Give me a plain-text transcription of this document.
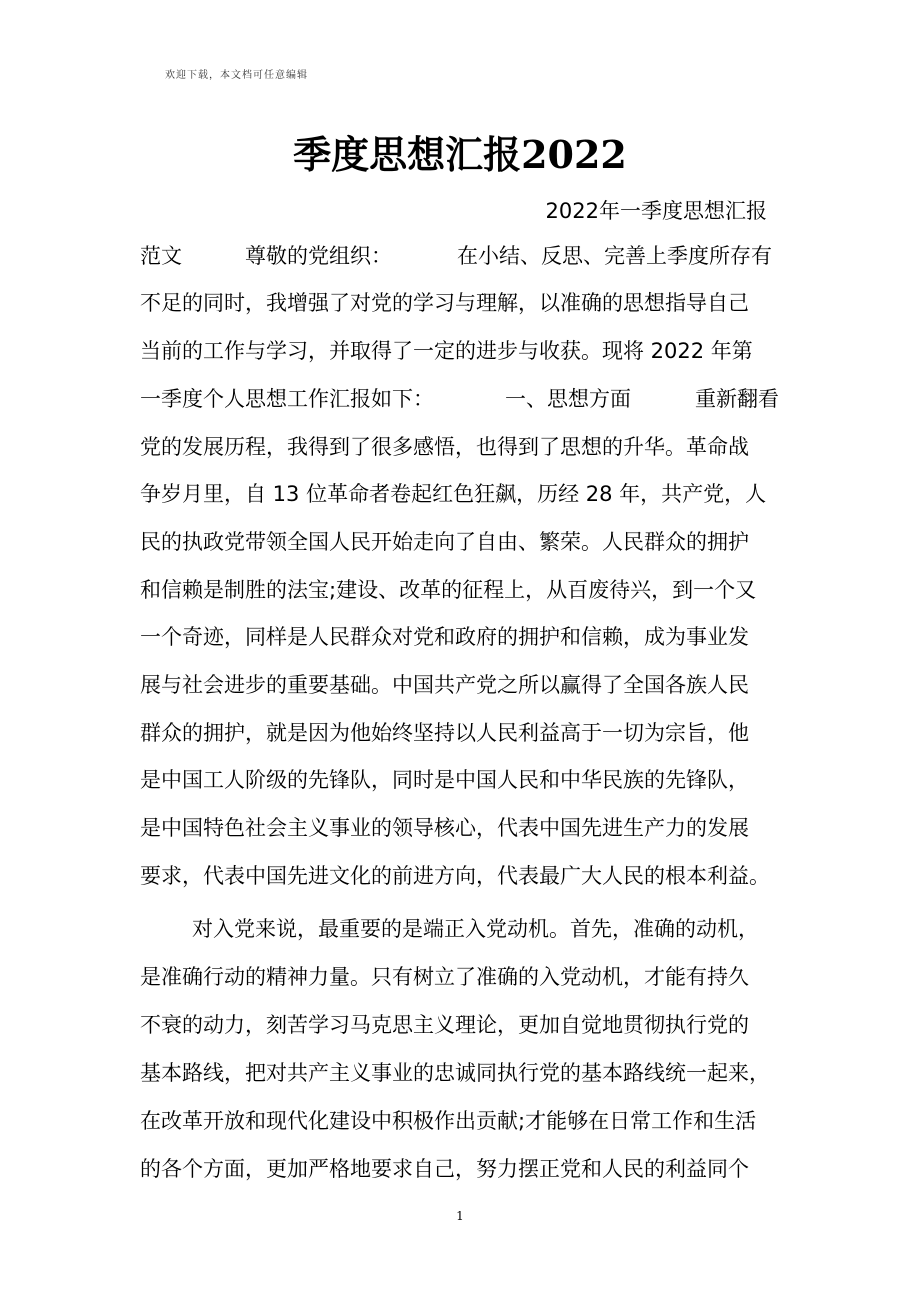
欢迎下载，本文档可任意编辑
季度思想汇报2022
2022年一季度思想汇报
范文	尊敬的党组织：	在小结、反思、完善上季度所存有
不足的同时，我增强了对党的学习与理解，以准确的思想指导自己
当前的工作与学习，并取得了一定的进步与收获。现将 2022 年第
一季度个人思想工作汇报如下：	一、思想方面	重新翻看
党的发展历程，我得到了很多感悟，也得到了思想的升华。革命战
争岁月里，自 13 位革命者卷起红色狂飙，历经 28 年，共产党，人
民的执政党带领全国人民开始走向了自由、繁荣。人民群众的拥护
和信赖是制胜的法宝;建设、改革的征程上，从百废待兴，到一个又
一个奇迹，同样是人民群众对党和政府的拥护和信赖，成为事业发
展与社会进步的重要基础。中国共产党之所以赢得了全国各族人民
群众的拥护，就是因为他始终坚持以人民利益高于一切为宗旨，他
是中国工人阶级的先锋队，同时是中国人民和中华民族的先锋队，
是中国特色社会主义事业的领导核心，代表中国先进生产力的发展
要求，代表中国先进文化的前进方向，代表最广大人民的根本利益。
对入党来说，最重要的是端正入党动机。首先，准确的动机，
是准确行动的精神力量。只有树立了准确的入党动机，才能有持久
不衰的动力，刻苦学习马克思主义理论，更加自觉地贯彻执行党的
基本路线，把对共产主义事业的忠诚同执行党的基本路线统一起来，
在改革开放和现代化建设中积极作出贡献;才能够在日常工作和生活
的各个方面，更加严格地要求自己，努力摆正党和人民的利益同个
1
